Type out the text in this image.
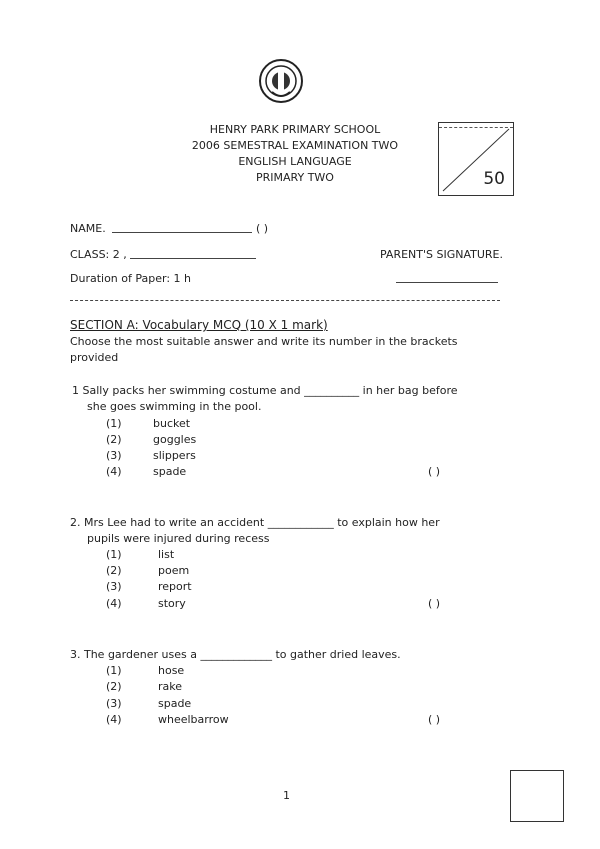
HENRY PARK PRIMARY SCHOOL
2006 SEMESTRAL EXAMINATION TWO
ENGLISH LANGUAGE
PRIMARY TWO	50
NAME.	( )
CLASS: 2 ,	PARENT'S SIGNATURE.
Duration of Paper: 1 h
SECTION A: Vocabulary MCQ (10 X 1 mark)
Choose the most suitable answer and write its number in the brackets
provided
1 Sally packs her swimming costume and __________ in her bag before
she goes swimming in the pool.
(1)	bucket
(2)	goggles
(3)	slippers
(4)	spade	( )
2. Mrs Lee had to write an accident ____________ to explain how her
pupils were injured during recess
(1)	list
(2)	poem
(3)	report
(4)	story	( )
3. The gardener uses a _____________ to gather dried leaves.
(1)	hose
(2)	rake
(3)	spade
(4)	wheelbarrow	( )
1
